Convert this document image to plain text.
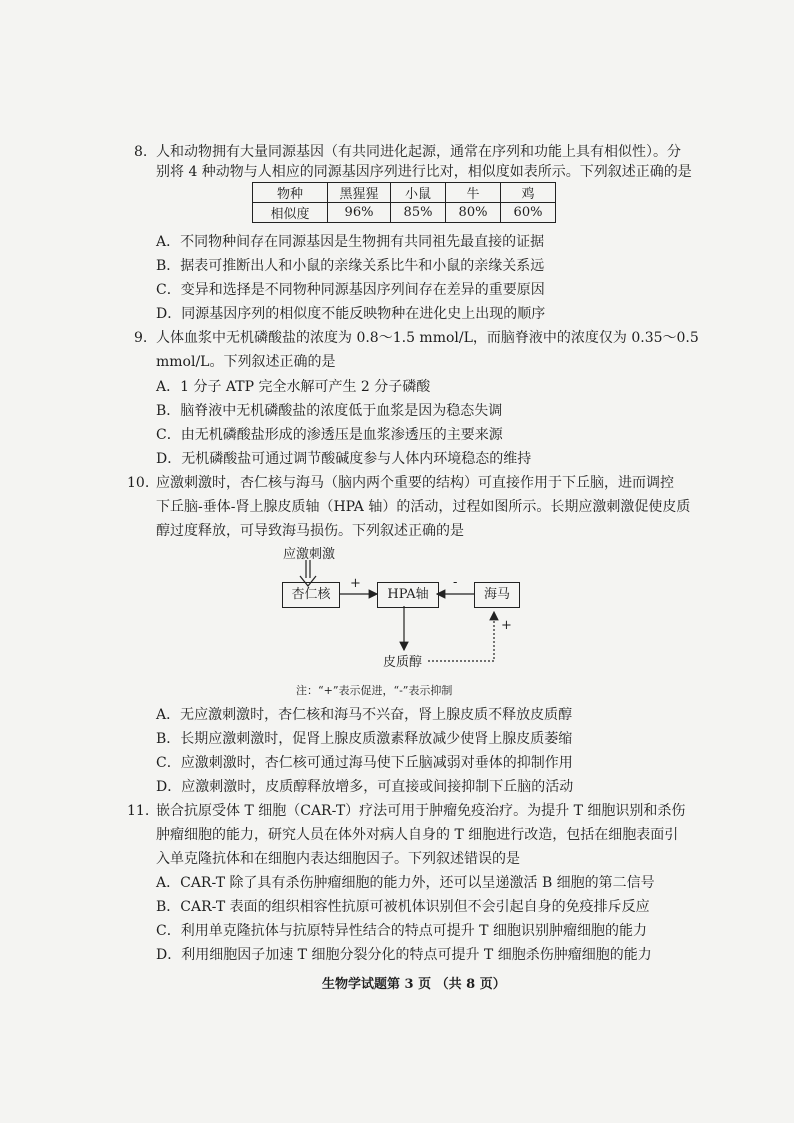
8. 人和动物拥有大量同源基因（有共同进化起源，通常在序列和功能上具有相似性）。分
别将 4 种动物与人相应的同源基因序列进行比对，相似度如表所示。下列叙述正确的是
物种	黑猩猩	小鼠	牛	鸡
相似度	96%	85%	80%	60%
A．不同物种间存在同源基因是生物拥有共同祖先最直接的证据
B．据表可推断出人和小鼠的亲缘关系比牛和小鼠的亲缘关系远
C．变异和选择是不同物种同源基因序列间存在差异的重要原因
D．同源基因序列的相似度不能反映物种在进化史上出现的顺序
9. 人体血浆中无机磷酸盐的浓度为 0.8～1.5 mmol/L，而脑脊液中的浓度仅为 0.35～0.5
mmol/L。下列叙述正确的是
A．1 分子 ATP 完全水解可产生 2 分子磷酸
B．脑脊液中无机磷酸盐的浓度低于血浆是因为稳态失调
C．由无机磷酸盐形成的渗透压是血浆渗透压的主要来源
D．无机磷酸盐可通过调节酸碱度参与人体内环境稳态的维持
10. 应激刺激时，杏仁核与海马（脑内两个重要的结构）可直接作用于下丘脑，进而调控
下丘脑-垂体-肾上腺皮质轴（HPA 轴）的活动，过程如图所示。长期应激刺激促使皮质
醇过度释放，可导致海马损伤。下列叙述正确的是
应激刺激
杏仁核	HPA轴	海马
皮质醇
+	-
+
注：“+”表示促进，“-”表示抑制
A．无应激刺激时，杏仁核和海马不兴奋，肾上腺皮质不释放皮质醇
B．长期应激刺激时，促肾上腺皮质激素释放减少使肾上腺皮质萎缩
C．应激刺激时，杏仁核可通过海马使下丘脑减弱对垂体的抑制作用
D．应激刺激时，皮质醇释放增多，可直接或间接抑制下丘脑的活动
11. 嵌合抗原受体 T 细胞（CAR-T）疗法可用于肿瘤免疫治疗。为提升 T 细胞识别和杀伤
肿瘤细胞的能力，研究人员在体外对病人自身的 T 细胞进行改造，包括在细胞表面引
入单克隆抗体和在细胞内表达细胞因子。下列叙述错误的是
A．CAR-T 除了具有杀伤肿瘤细胞的能力外，还可以呈递激活 B 细胞的第二信号
B．CAR-T 表面的组织相容性抗原可被机体识别但不会引起自身的免疫排斥反应
C．利用单克隆抗体与抗原特异性结合的特点可提升 T 细胞识别肿瘤细胞的能力
D．利用细胞因子加速 T 细胞分裂分化的特点可提升 T 细胞杀伤肿瘤细胞的能力
生物学试题第 3 页 （共 8 页）
